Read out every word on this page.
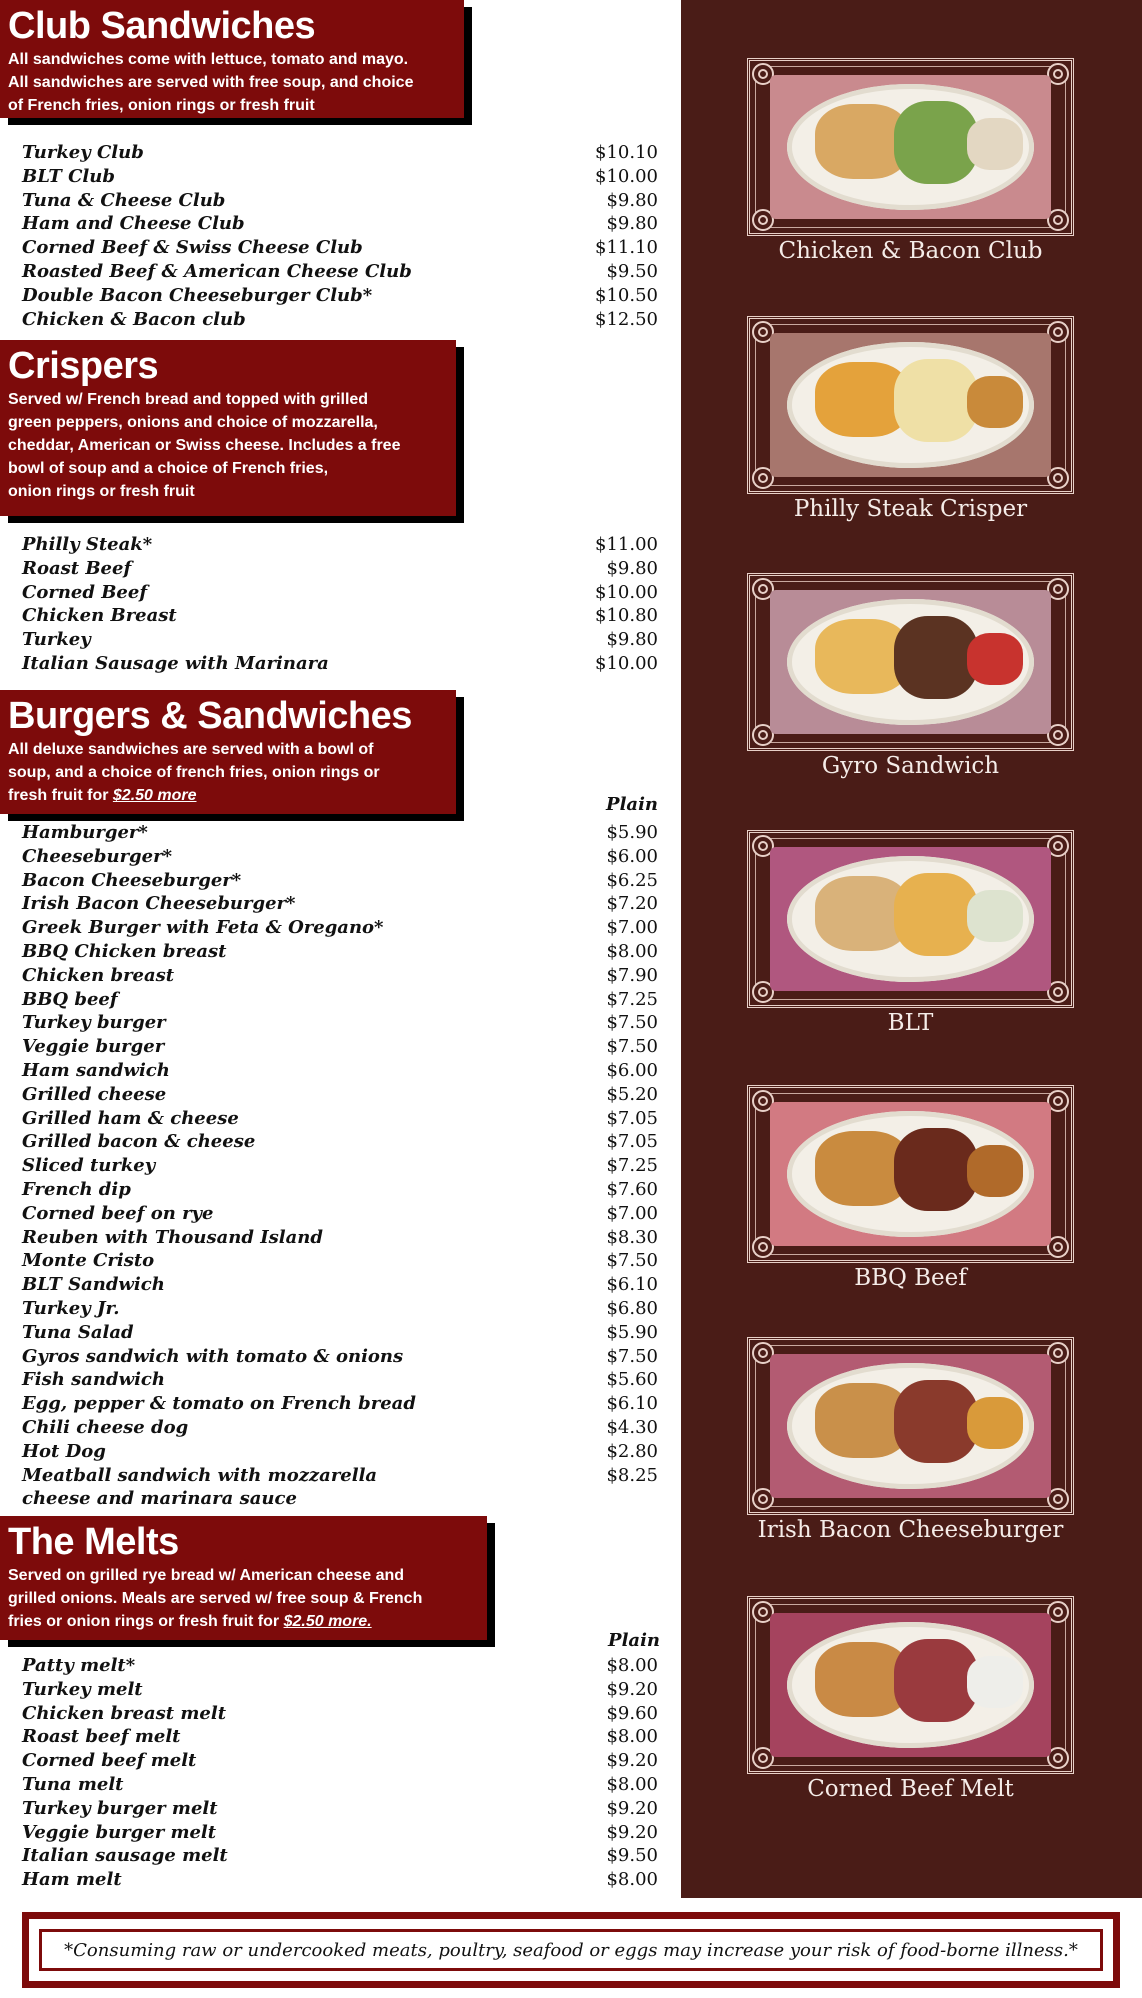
Club Sandwiches
All sandwiches come with lettuce, tomato and mayo.
All sandwiches are served with free soup, and choice
of French fries, onion rings or fresh fruit
Turkey Club	$10.10
BLT Club	$10.00
Tuna & Cheese Club	$9.80
Ham and Cheese Club	$9.80
Corned Beef & Swiss Cheese Club	$11.10
Roasted Beef & American Cheese Club	$9.50
Double Bacon Cheeseburger Club*	$10.50
Chicken & Bacon club	$12.50
Crispers
Served w/ French bread and topped with grilled
green peppers, onions and choice of mozzarella,
cheddar, American or Swiss cheese. Includes a free
bowl of soup and a choice of French fries,
onion rings or fresh fruit
Philly Steak*	$11.00
Roast Beef	$9.80
Corned Beef	$10.00
Chicken Breast	$10.80
Turkey	$9.80
Italian Sausage with Marinara	$10.00
Burgers & Sandwiches
All deluxe sandwiches are served with a bowl of
soup, and a choice of french fries, onion rings or
fresh fruit for $2.50 more	Plain
Hamburger*	$5.90
Cheeseburger*	$6.00
Bacon Cheeseburger*	$6.25
Irish Bacon Cheeseburger*	$7.20
Greek Burger with Feta & Oregano*	$7.00
BBQ Chicken breast	$8.00
Chicken breast	$7.90
BBQ beef	$7.25
Turkey burger	$7.50
Veggie burger	$7.50
Ham sandwich	$6.00
Grilled cheese	$5.20
Grilled ham & cheese	$7.05
Grilled bacon & cheese	$7.05
Sliced turkey	$7.25
French dip	$7.60
Corned beef on rye	$7.00
Reuben with Thousand Island	$8.30
Monte Cristo	$7.50
BLT Sandwich	$6.10
Turkey Jr.	$6.80
Tuna Salad	$5.90
Gyros sandwich with tomato & onions	$7.50
Fish sandwich	$5.60
Egg, pepper & tomato on French bread	$6.10
Chili cheese dog	$4.30
Hot Dog	$2.80
Meatball sandwich with mozzarella	$8.25
cheese and marinara sauce
The Melts
Served on grilled rye bread w/ American cheese and
grilled onions. Meals are served w/ free soup & French
fries or onion rings or fresh fruit for $2.50 more.
Plain
Patty melt*	$8.00
Turkey melt	$9.20
Chicken breast melt	$9.60
Roast beef melt	$8.00
Corned beef melt	$9.20
Tuna melt	$8.00
Turkey burger melt	$9.20
Veggie burger melt	$9.20
Italian sausage melt	$9.50
Ham melt	$8.00
Chicken & Bacon Club
Philly Steak Crisper
Gyro Sandwich
BLT
BBQ Beef
Irish Bacon Cheeseburger
Corned Beef Melt
*Consuming raw or undercooked meats, poultry, seafood or eggs may increase your risk of food-borne illness.*
